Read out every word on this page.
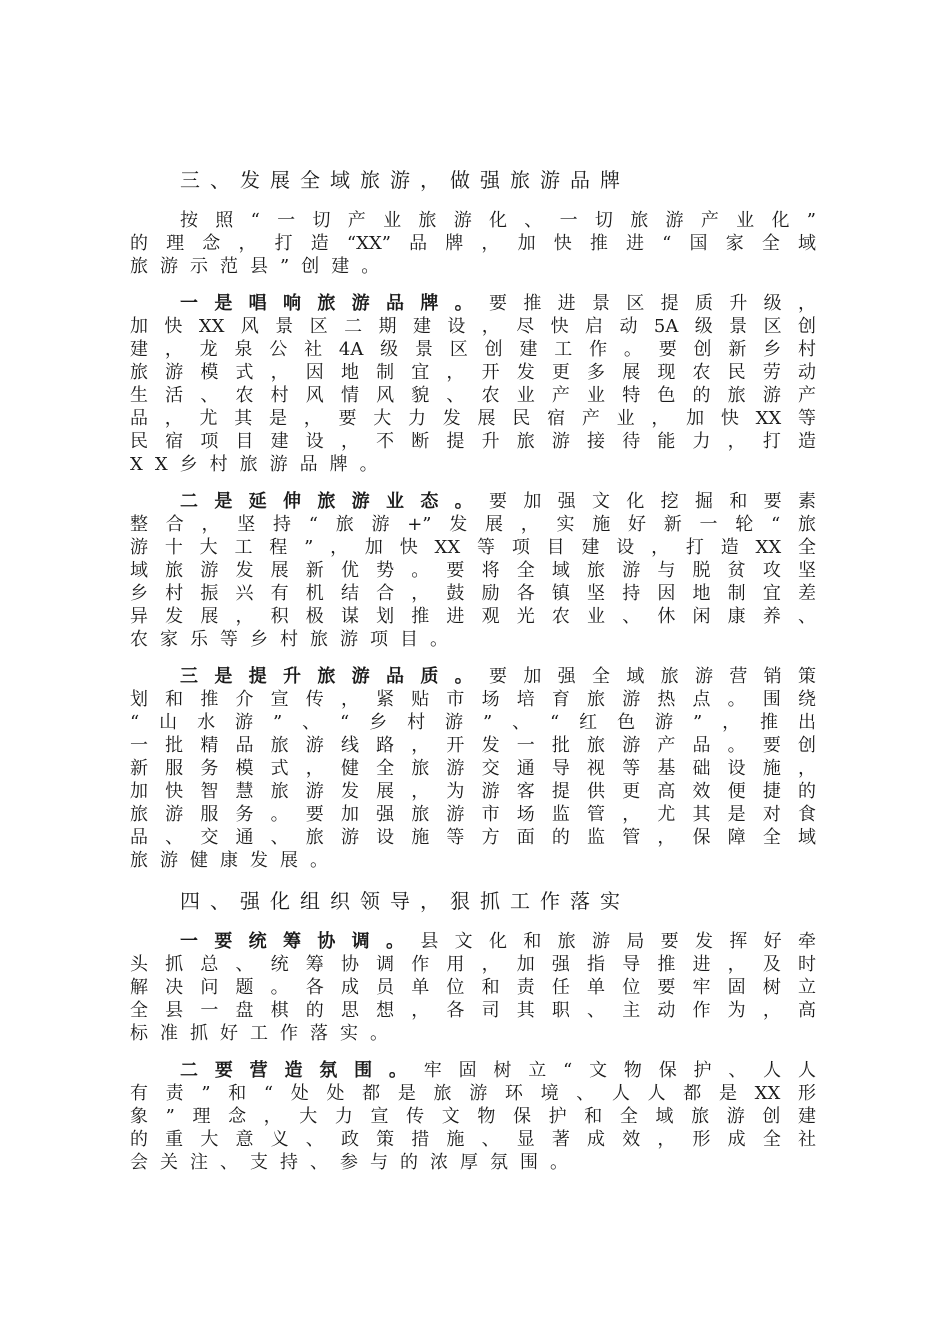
三、发展全域旅游，做强旅游品牌
按照“一切产业旅游化、一切旅游产业化”
的理念，打造“XX”品牌，加快推进“国家全域
旅游示范县”创建。
一是唱响旅游品牌。要推进景区提质升级，
加快XX风景区二期建设，尽快启动5A级景区创
建，龙泉公社4A级景区创建工作。要创新乡村
旅游模式，因地制宜，开发更多展现农民劳动
生活、农村风情风貌、农业产业特色的旅游产
品，尤其是，要大力发展民宿产业，加快XX等
民宿项目建设，不断提升旅游接待能力，打造
XX乡村旅游品牌。
二是延伸旅游业态。要加强文化挖掘和要素
整合，坚持“旅游+”发展，实施好新一轮“旅
游十大工程”，加快XX等项目建设，打造XX全
域旅游发展新优势。要将全域旅游与脱贫攻坚
乡村振兴有机结合，鼓励各镇坚持因地制宜差
异发展，积极谋划推进观光农业、休闲康养、
农家乐等乡村旅游项目。
三是提升旅游品质。要加强全域旅游营销策
划和推介宣传，紧贴市场培育旅游热点。围绕
“山水游”、“乡村游”、“红色游”，推出
一批精品旅游线路，开发一批旅游产品。要创
新服务模式，健全旅游交通导视等基础设施，
加快智慧旅游发展，为游客提供更高效便捷的
旅游服务。要加强旅游市场监管，尤其是对食
品、交通、旅游设施等方面的监管，保障全域
旅游健康发展。
四、强化组织领导，狠抓工作落实
一要统筹协调。县文化和旅游局要发挥好牵
头抓总、统筹协调作用，加强指导推进，及时
解决问题。各成员单位和责任单位要牢固树立
全县一盘棋的思想，各司其职、主动作为，高
标准抓好工作落实。
二要营造氛围。牢固树立“文物保护、人人
有责”和“处处都是旅游环境、人人都是XX形
象”理念，大力宣传文物保护和全域旅游创建
的重大意义、政策措施、显著成效，形成全社
会关注、支持、参与的浓厚氛围。
